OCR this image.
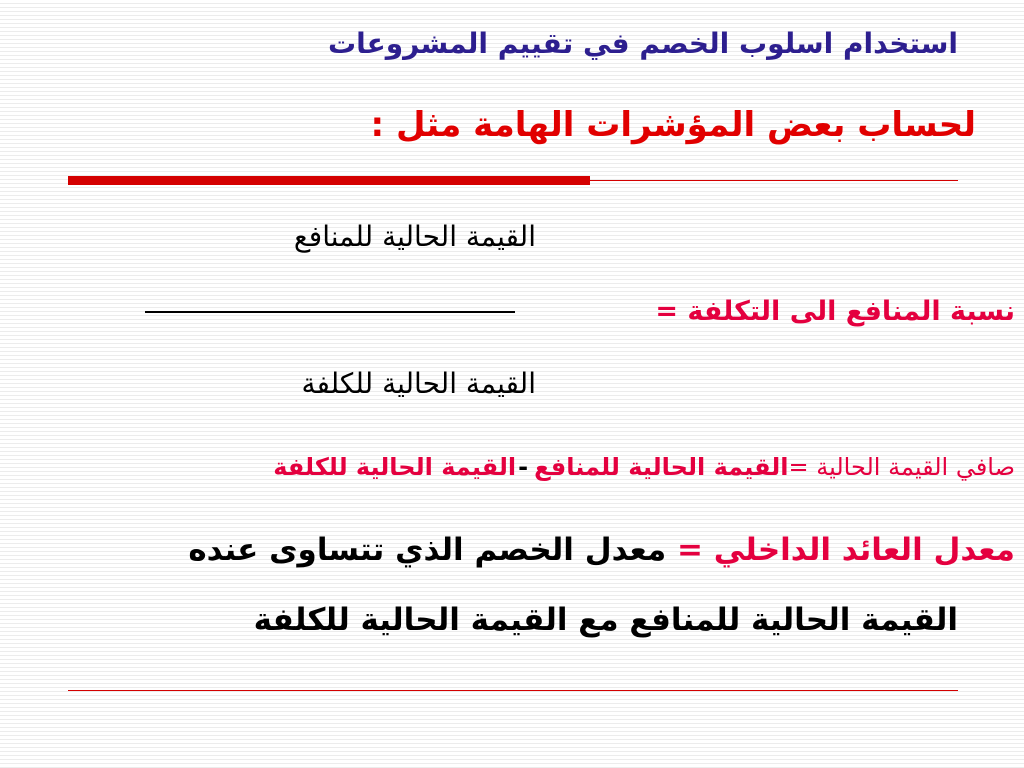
استخدام اسلوب الخصم في تقييم المشروعات
لحساب بعض المؤشرات الهامة مثل :
القيمة الحالية للمنافع
نسبة المنافع الى التكلفة =
القيمة الحالية للكلفة
صافي القيمة الحالية =القيمة الحالية للمنافع-القيمة الحالية للكلفة
معدل العائد الداخلي = معدل الخصم الذي تتساوى عنده
القيمة الحالية للمنافع مع القيمة الحالية للكلفة
